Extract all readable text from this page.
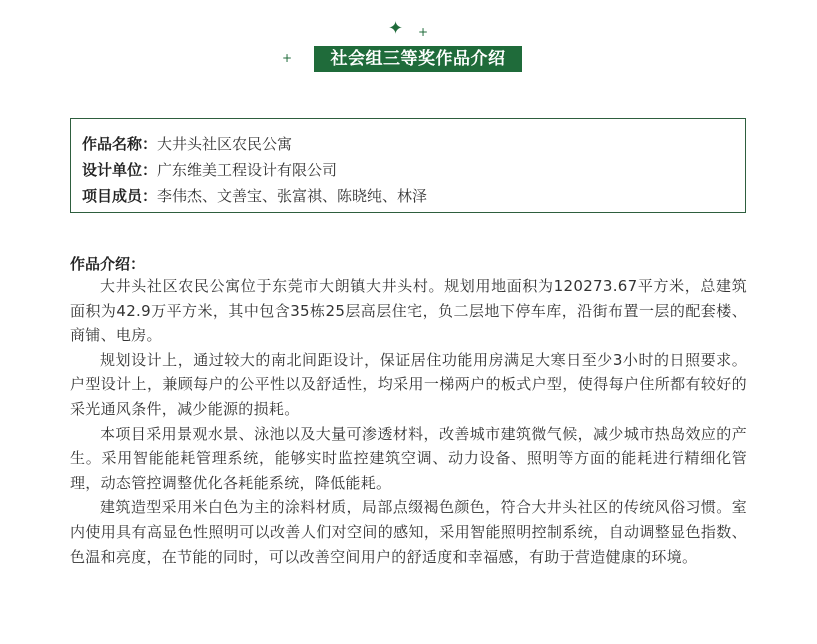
✦ +
+	社会组三等奖作品介绍
作品名称：大井头社区农民公寓
设计单位：广东维美工程设计有限公司
项目成员：李伟杰、文善宝、张富祺、陈晓纯、林泽
作品介绍：

大井头社区农民公寓位于东莞市大朗镇大井头村。规划用地面积为120273.67平方米，总建筑面积为42.9万平方米，其中包含35栋25层高层住宅，负二层地下停车库，沿街布置一层的配套楼、商铺、电房。

规划设计上，通过较大的南北间距设计，保证居住功能用房满足大寒日至少3小时的日照要求。户型设计上，兼顾每户的公平性以及舒适性，均采用一梯两户的板式户型，使得每户住所都有较好的采光通风条件，减少能源的损耗。

本项目采用景观水景、泳池以及大量可渗透材料，改善城市建筑微气候，减少城市热岛效应的产生。采用智能能耗管理系统，能够实时监控建筑空调、动力设备、照明等方面的能耗进行精细化管理，动态管控调整优化各耗能系统，降低能耗。

建筑造型采用米白色为主的涂料材质，局部点缀褐色颜色，符合大井头社区的传统风俗习惯。室内使用具有高显色性照明可以改善人们对空间的感知，采用智能照明控制系统，自动调整显色指数、色温和亮度，在节能的同时，可以改善空间用户的舒适度和幸福感，有助于营造健康的环境。
